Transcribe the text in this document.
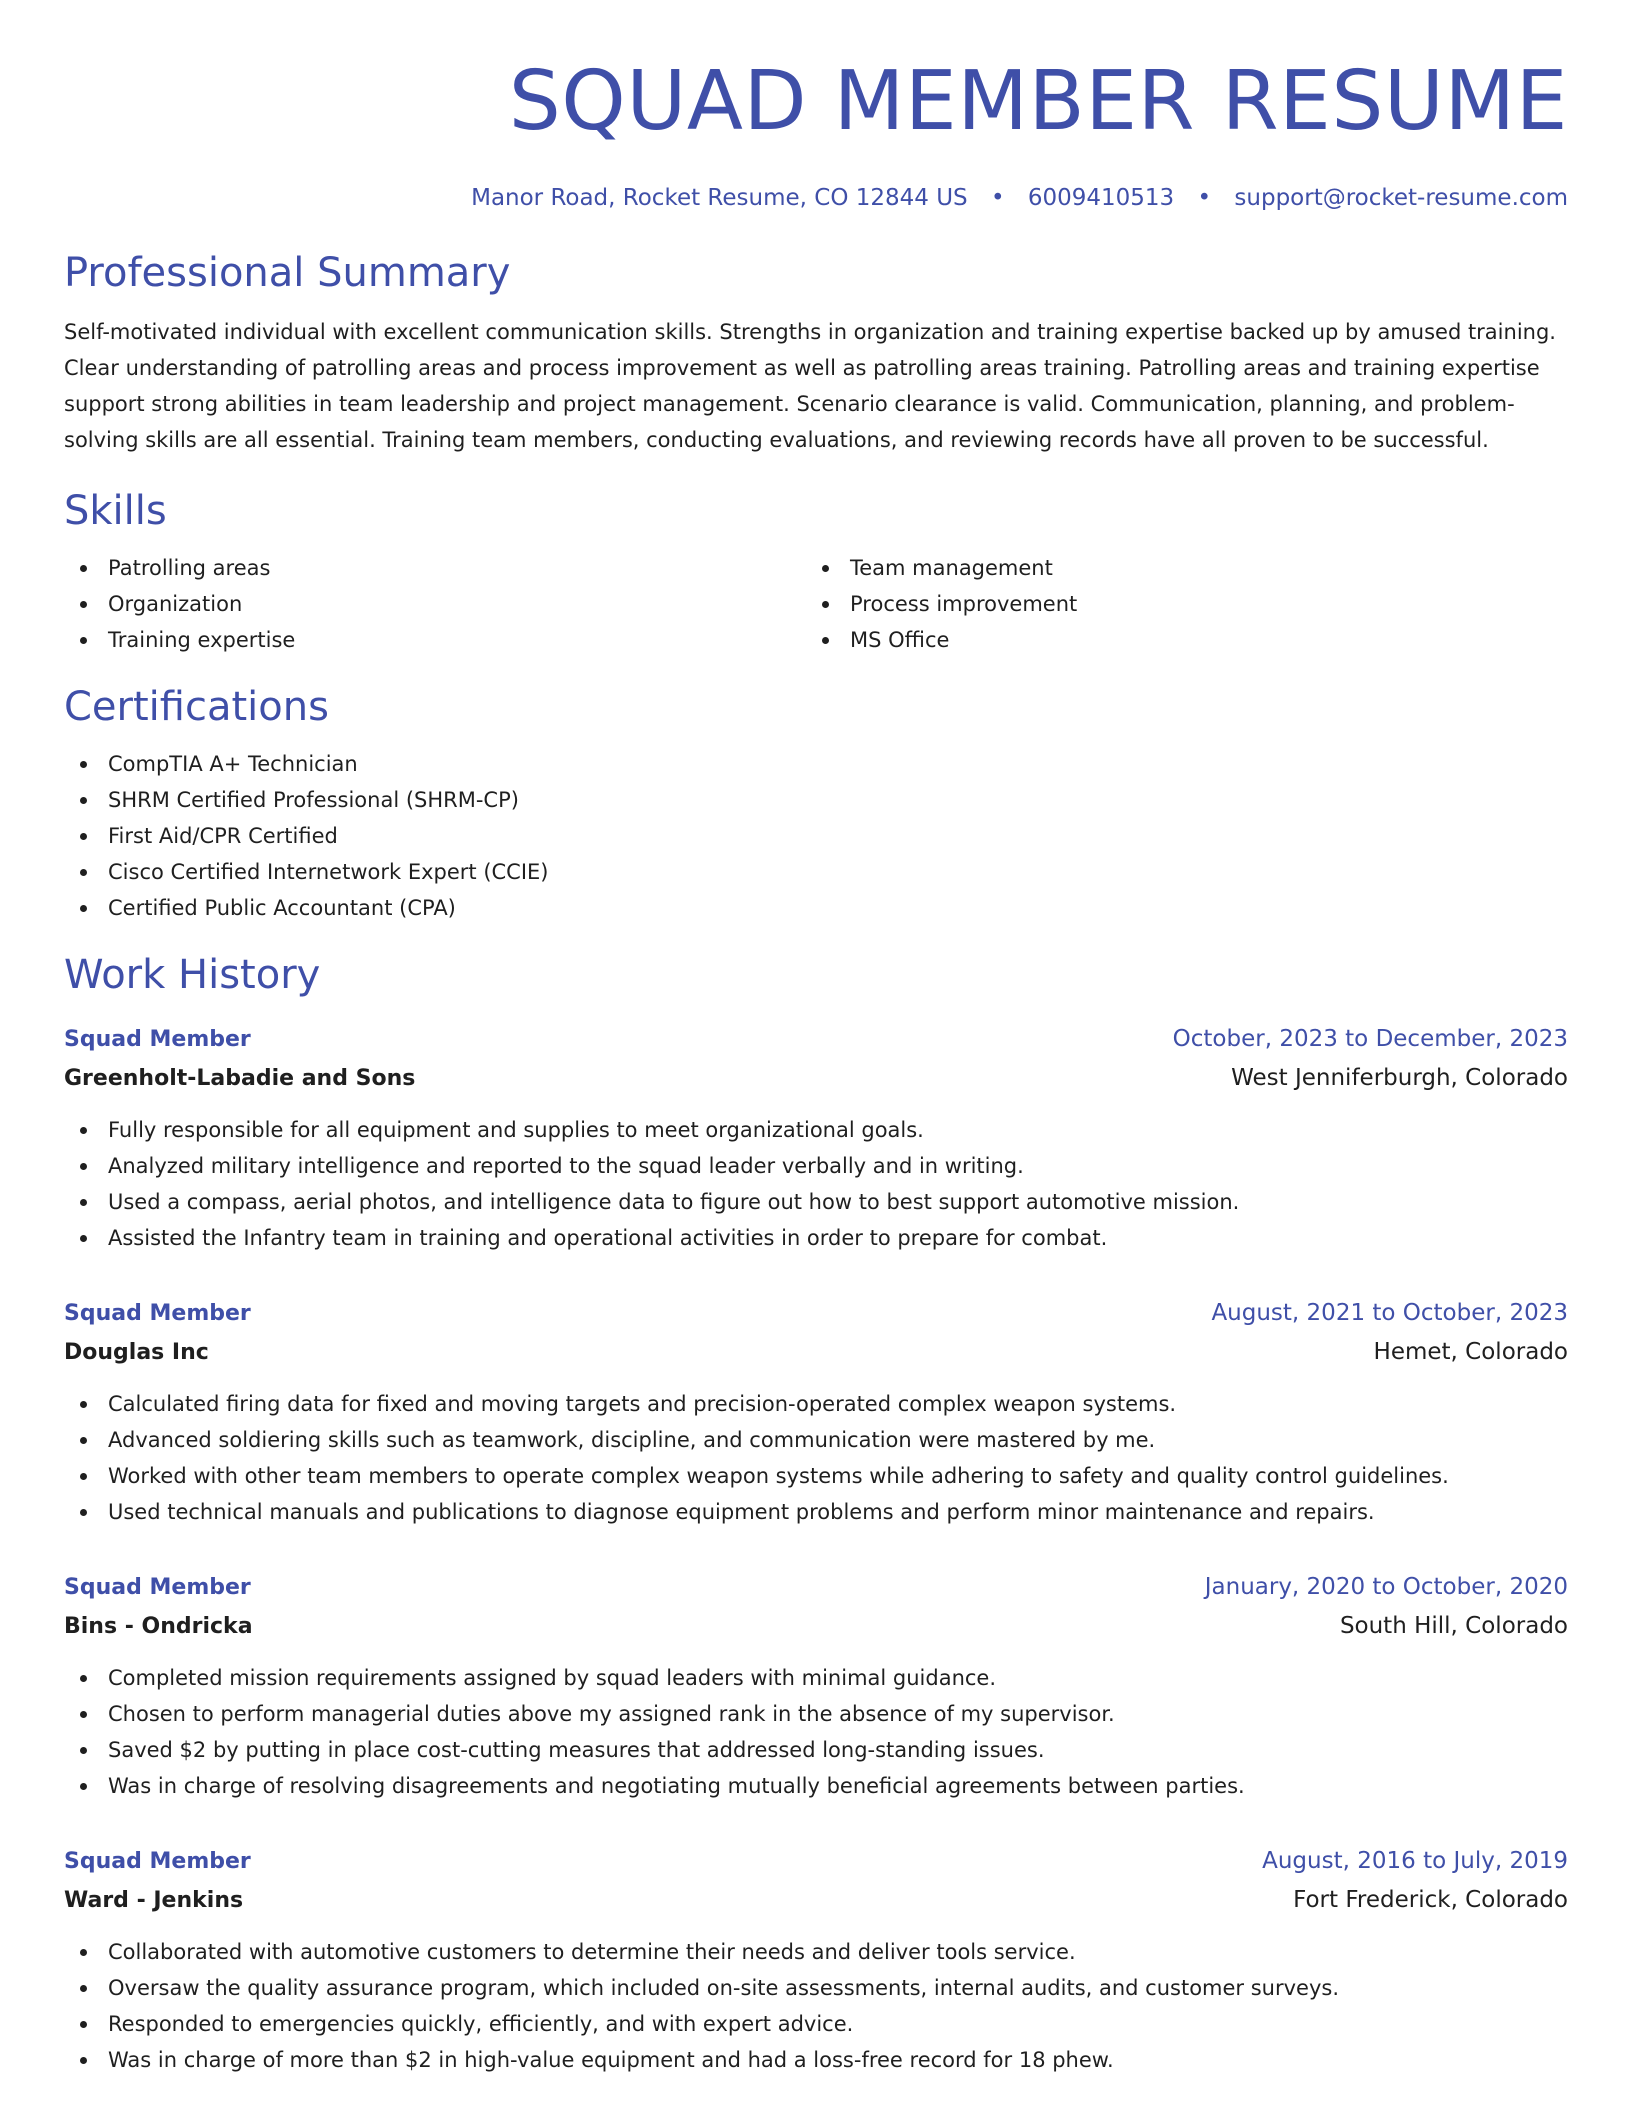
SQUAD MEMBER RESUME
Manor Road, Rocket Resume, CO 12844 US • 6009410513 • support@rocket-resume.com
Professional Summary

Self-motivated individual with excellent communication skills. Strengths in organization and training expertise backed up by amused training. Clear understanding of patrolling areas and process improvement as well as patrolling areas training. Patrolling areas and training expertise support strong abilities in team leadership and project management. Scenario clearance is valid. Communication, planning, and problem-solving skills are all essential. Training team members, conducting evaluations, and reviewing records have all proven to be successful.

Skills
Patrolling areas
Organization
Training expertise
Team management
Process improvement
MS Office
Certifications
CompTIA A+ Technician
SHRM Certified Professional (SHRM-CP)
First Aid/CPR Certified
Cisco Certified Internetwork Expert (CCIE)
Certified Public Accountant (CPA)
Work History
Squad Member	October, 2023 to December, 2023
Greenholt-Labadie and Sons	West Jenniferburgh, Colorado
Fully responsible for all equipment and supplies to meet organizational goals.
Analyzed military intelligence and reported to the squad leader verbally and in writing.
Used a compass, aerial photos, and intelligence data to figure out how to best support automotive mission.
Assisted the Infantry team in training and operational activities in order to prepare for combat.
Squad Member	August, 2021 to October, 2023
Douglas Inc	Hemet, Colorado
Calculated firing data for fixed and moving targets and precision-operated complex weapon systems.
Advanced soldiering skills such as teamwork, discipline, and communication were mastered by me.
Worked with other team members to operate complex weapon systems while adhering to safety and quality control guidelines.
Used technical manuals and publications to diagnose equipment problems and perform minor maintenance and repairs.
Squad Member	January, 2020 to October, 2020
Bins - Ondricka	South Hill, Colorado
Completed mission requirements assigned by squad leaders with minimal guidance.
Chosen to perform managerial duties above my assigned rank in the absence of my supervisor.
Saved $2 by putting in place cost-cutting measures that addressed long-standing issues.
Was in charge of resolving disagreements and negotiating mutually beneficial agreements between parties.
Squad Member	August, 2016 to July, 2019
Ward - Jenkins	Fort Frederick, Colorado
Collaborated with automotive customers to determine their needs and deliver tools service.
Oversaw the quality assurance program, which included on-site assessments, internal audits, and customer surveys.
Responded to emergencies quickly, efficiently, and with expert advice.
Was in charge of more than $2 in high-value equipment and had a loss-free record for 18 phew.
